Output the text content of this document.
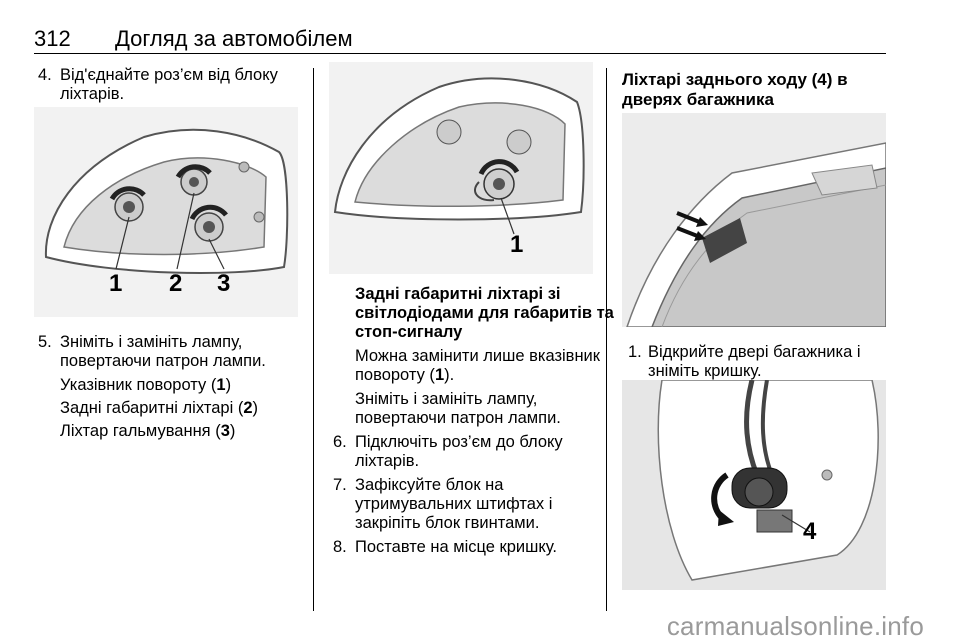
312 Догляд за автомобілем
4. Від'єднайте роз’єм від блоку
ліхтарів.
1 2 3
5. Зніміть і замініть лампу,
повертаючи патрон лампи.
Указівник повороту (1)
Задні габаритні ліхтарі (2)
Ліхтар гальмування (3)
1
Задні габаритні ліхтарі зі
світлодіодами для габаритів та
стоп-сигналу
Можна замінити лише вказівник
повороту (1).
Зніміть і замініть лампу,
повертаючи патрон лампи.
6. Підключіть роз’єм до блоку
ліхтарів.
7. Зафіксуйте блок на
утримувальних штифтах і
закріпіть блок гвинтами.
8. Поставте на місце кришку.
Ліхтарі заднього ходу (4) в
дверях багажника
1. Відкрийте двері багажника і
зніміть кришку.
4
carmanualsonline.info
